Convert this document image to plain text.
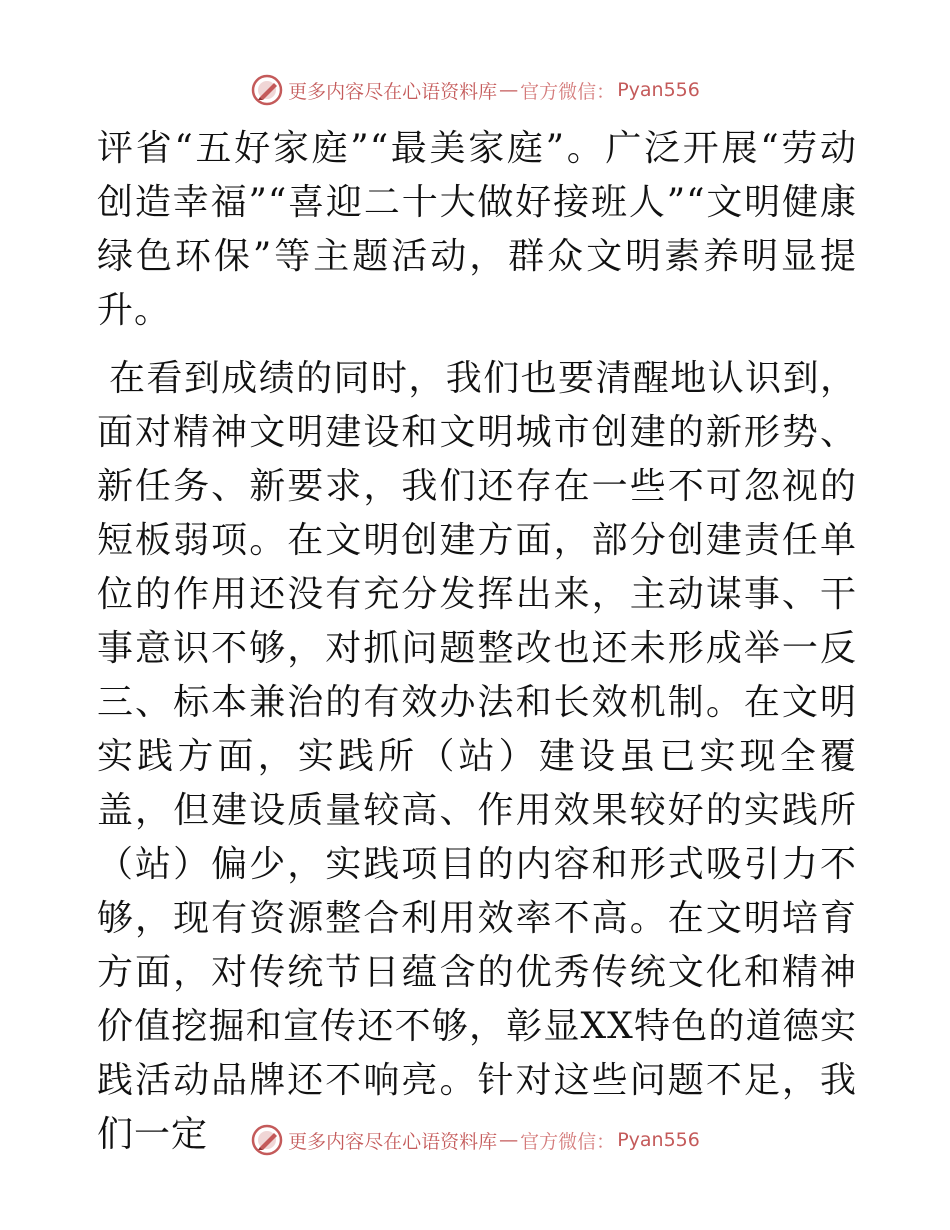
更多内容尽在心语资料库 — 官方微信： Pyan556

评省“五好家庭”“最美家庭”。广泛开展“劳动创造幸福”“喜迎二十大做好接班人”“文明健康绿色环保”等主题活动，群众文明素养明显提升。

在看到成绩的同时，我们也要清醒地认识到，面对精神文明建设和文明城市创建的新形势、新任务、新要求，我们还存在一些不可忽视的短板弱项。在文明创建方面，部分创建责任单位的作用还没有充分发挥出来，主动谋事、干事意识不够，对抓问题整改也还未形成举一反三、标本兼治的有效办法和长效机制。在文明实践方面，实践所（站）建设虽已实现全覆盖，但建设质量较高、作用效果较好的实践所（站）偏少，实践项目的内容和形式吸引力不够，现有资源整合利用效率不高。在文明培育方面，对传统节日蕴含的优秀传统文化和精神价值挖掘和宣传还不够，彰显XX特色的道德实践活动品牌还不响亮。针对这些问题不足，我们一定	更多内容尽在心语资料库 — 官方微信： Pyan556
